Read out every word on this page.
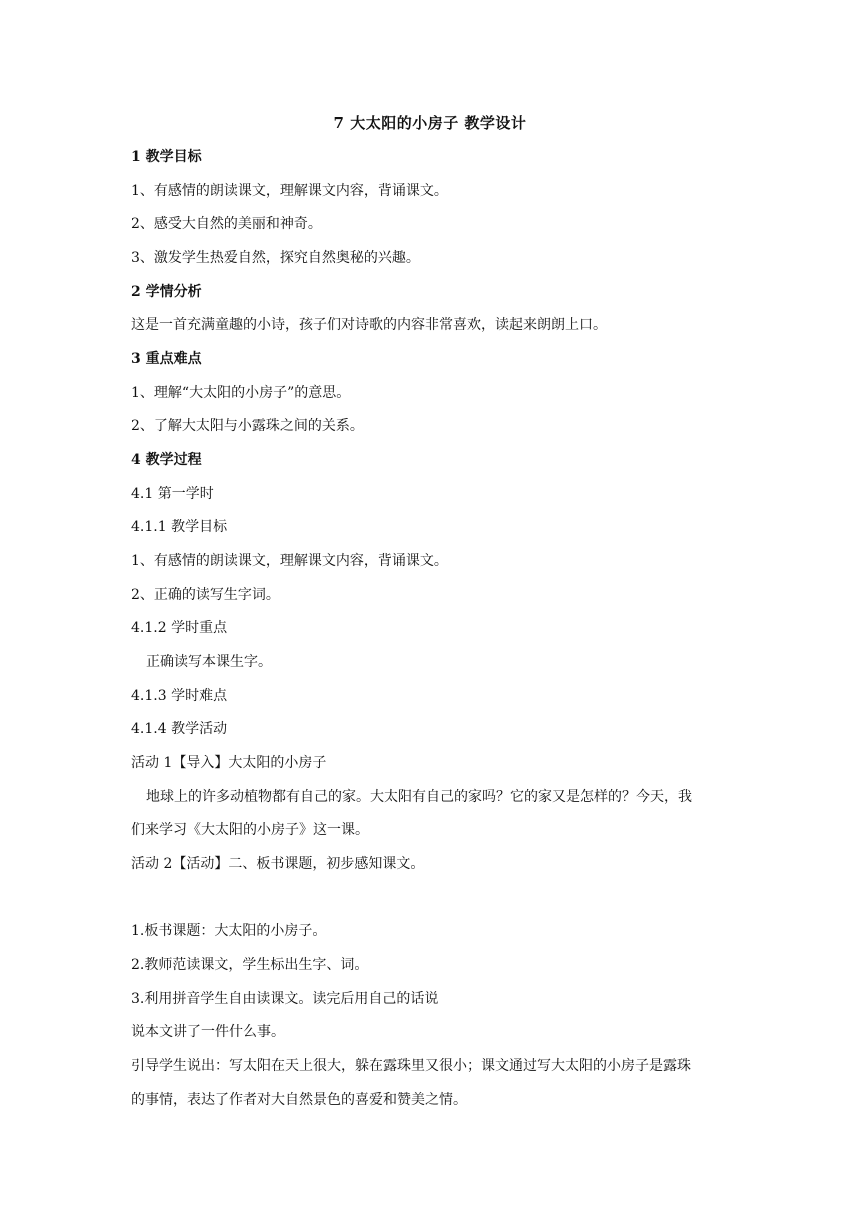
7 大太阳的小房子 教学设计
1 教学目标
1、有感情的朗读课文，理解课文内容，背诵课文。
2、感受大自然的美丽和神奇。
3、激发学生热爱自然，探究自然奥秘的兴趣。
2 学情分析
这是一首充满童趣的小诗，孩子们对诗歌的内容非常喜欢，读起来朗朗上口。
3 重点难点
1、理解“大太阳的小房子”的意思。
2、了解大太阳与小露珠之间的关系。
4 教学过程
4.1 第一学时
4.1.1 教学目标
1、有感情的朗读课文，理解课文内容，背诵课文。
2、正确的读写生字词。
4.1.2 学时重点
正确读写本课生字。
4.1.3 学时难点
4.1.4 教学活动
活动 1【导入】大太阳的小房子
地球上的许多动植物都有自己的家。大太阳有自己的家吗？它的家又是怎样的？今天，我
们来学习《大太阳的小房子》这一课。
活动 2【活动】二、板书课题，初步感知课文。
1.板书课题：大太阳的小房子。
2.教师范读课文，学生标出生字、词。
3.利用拼音学生自由读课文。读完后用自己的话说
说本文讲了一件什么事。
引导学生说出：写太阳在天上很大，躲在露珠里又很小；课文通过写大太阳的小房子是露珠
的事情，表达了作者对大自然景色的喜爱和赞美之情。
